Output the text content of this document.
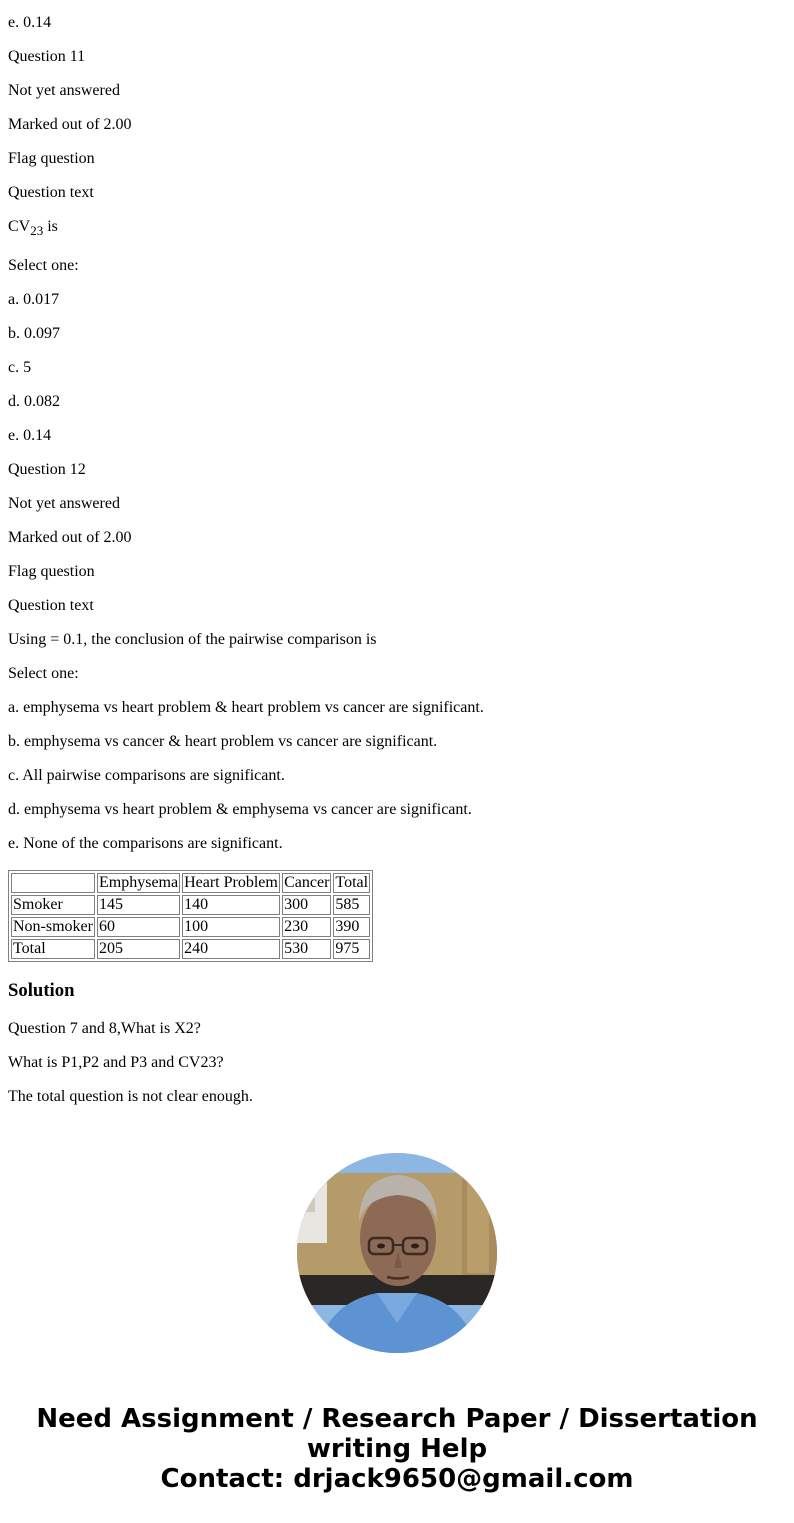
e. 0.14

Question 11

Not yet answered

Marked out of 2.00

Flag question

Question text

$CV_{23}$ is

Select one:

a. 0.017

b. 0.097

c. 5

d. 0.082

e. 0.14

Question 12

Not yet answered

Marked out of 2.00

Flag question

Question text

Using = 0.1, the conclusion of the pairwise comparison is

Select one:

a. emphysema vs heart problem & heart problem vs cancer are significant.

b. emphysema vs cancer & heart problem vs cancer are significant.

c. All pairwise comparisons are significant.

d. emphysema vs heart problem & emphysema vs cancer are significant.

e. None of the comparisons are significant.

	Emphysema	Heart Problem	Cancer	Total
Smoker	145	140	300	585
Non-smoker	60	100	230	390
Total	205	240	530	975
Solution

Question 7 and 8,What is X2?

What is P1,P2 and P3 and CV23?

The total question is not clear enough.

Need Assignment / Research Paper / Dissertation
writing Help
Contact: drjack9650@gmail.com
